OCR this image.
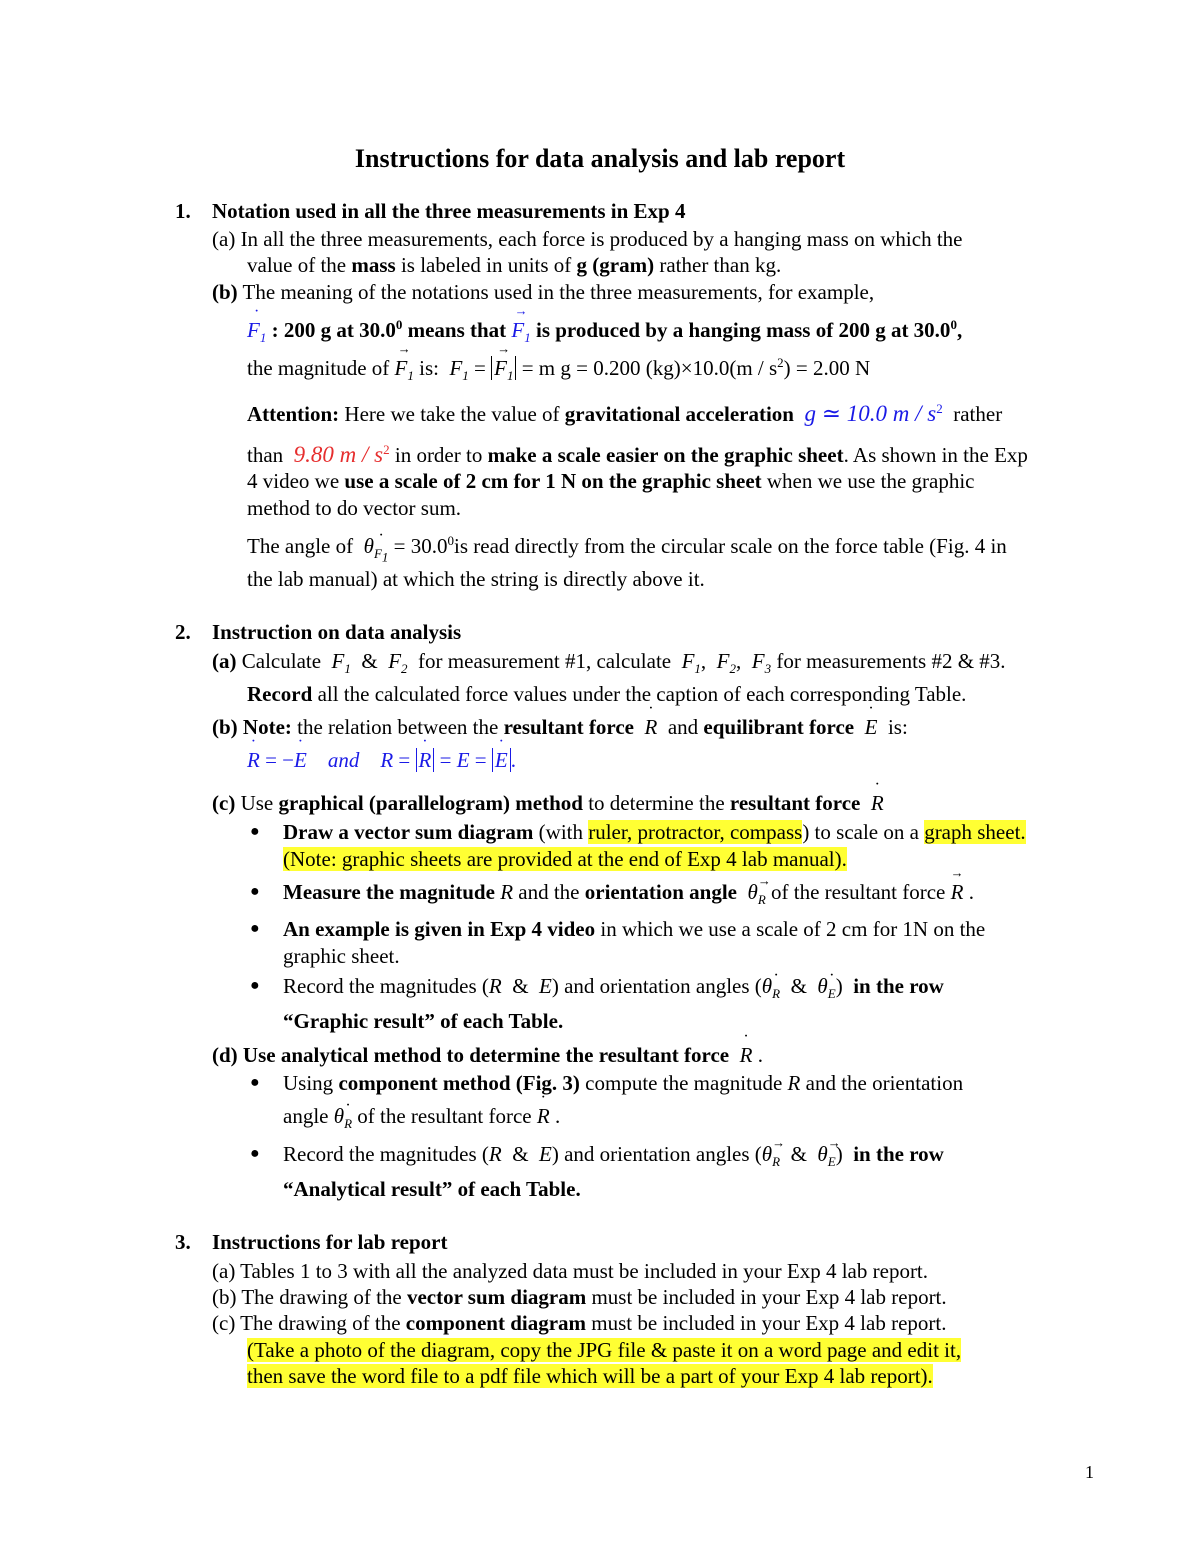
Instructions for data analysis and lab report
1. Notation used in all the three measurements in Exp 4
(a) In all the three measurements, each force is produced by a hanging mass on which the
value of the mass is labeled in units of g (gram) rather than kg.
(b) The meaning of the notations used in the three measurements, for example,
· $F_1$ : 200 g at 30.0$^0$ means that → $F_1$ is produced by a hanging mass of 200 g at 30.0$^0$,
the magnitude of → $F_1$ is: $F_1$ = → $F_1 = m$ g = 0.200 $(kg)\times 10.0(m / s^2) = 2.00$ N
Attention: Here we take the value of gravitational acceleration g ≃ 10.0 m / $s^2$ rather
than 9.80 m / $s^2$ in order to make a scale easier on the graphic sheet. As shown in the Exp
4 video we use a scale of 2 cm for 1 N on the graphic sheet when we use the graphic
method to do vector sum.
The angle of $\theta\cdot _{F_1} = 30.0^0is$ read directly from the circular scale on the force table (Fig. 4 in
the lab manual) at which the string is directly above it.
2. Instruction on data analysis
(a) Calculate $F_1$  &  $F_2$ for measurement #1, calculate $F_1$,  $F_2$,  $F_3$ for measurements #2 & #3.
Record all the calculated force values under the caption of each corresponding Table.
(b) Note: the relation between the resultant force · R and equilibrant force · E is:
· R = −· E and R = · R = E = · E .
(c) Use graphical (parallelogram) method to determine the resultant force · R
● Draw a vector sum diagram (with ruler, protractor, compass) to scale on a graph sheet.
(Note: graphic sheets are provided at the end of Exp 4 lab manual).
● Measure the magnitude R and the orientation angle θ→ $_R$ of the resultant force → R .
● An example is given in Exp 4 video in which we use a scale of 2 cm for 1N on the
graphic sheet.
● Record the magnitudes (R  &  E) and orientation angles (θ· $_R$  &  θ· $_E$)  in the row
“Graphic result” of each Table.
(d) Use analytical method to determine the resultant force · R .
● Using component method (Fig. 3) compute the magnitude R and the orientation
angle θ· $_R$ of the resultant force · R .
● Record the magnitudes (R  &  E) and orientation angles (θ→ $_R$  &  θ→ $_E$)  in the row
“Analytical result” of each Table.
3. Instructions for lab report
(a) Tables 1 to 3 with all the analyzed data must be included in your Exp 4 lab report.
(b) The drawing of the vector sum diagram must be included in your Exp 4 lab report.
(c) The drawing of the component diagram must be included in your Exp 4 lab report.
(Take a photo of the diagram, copy the JPG file & paste it on a word page and edit it,
then save the word file to a pdf file which will be a part of your Exp 4 lab report).
1
